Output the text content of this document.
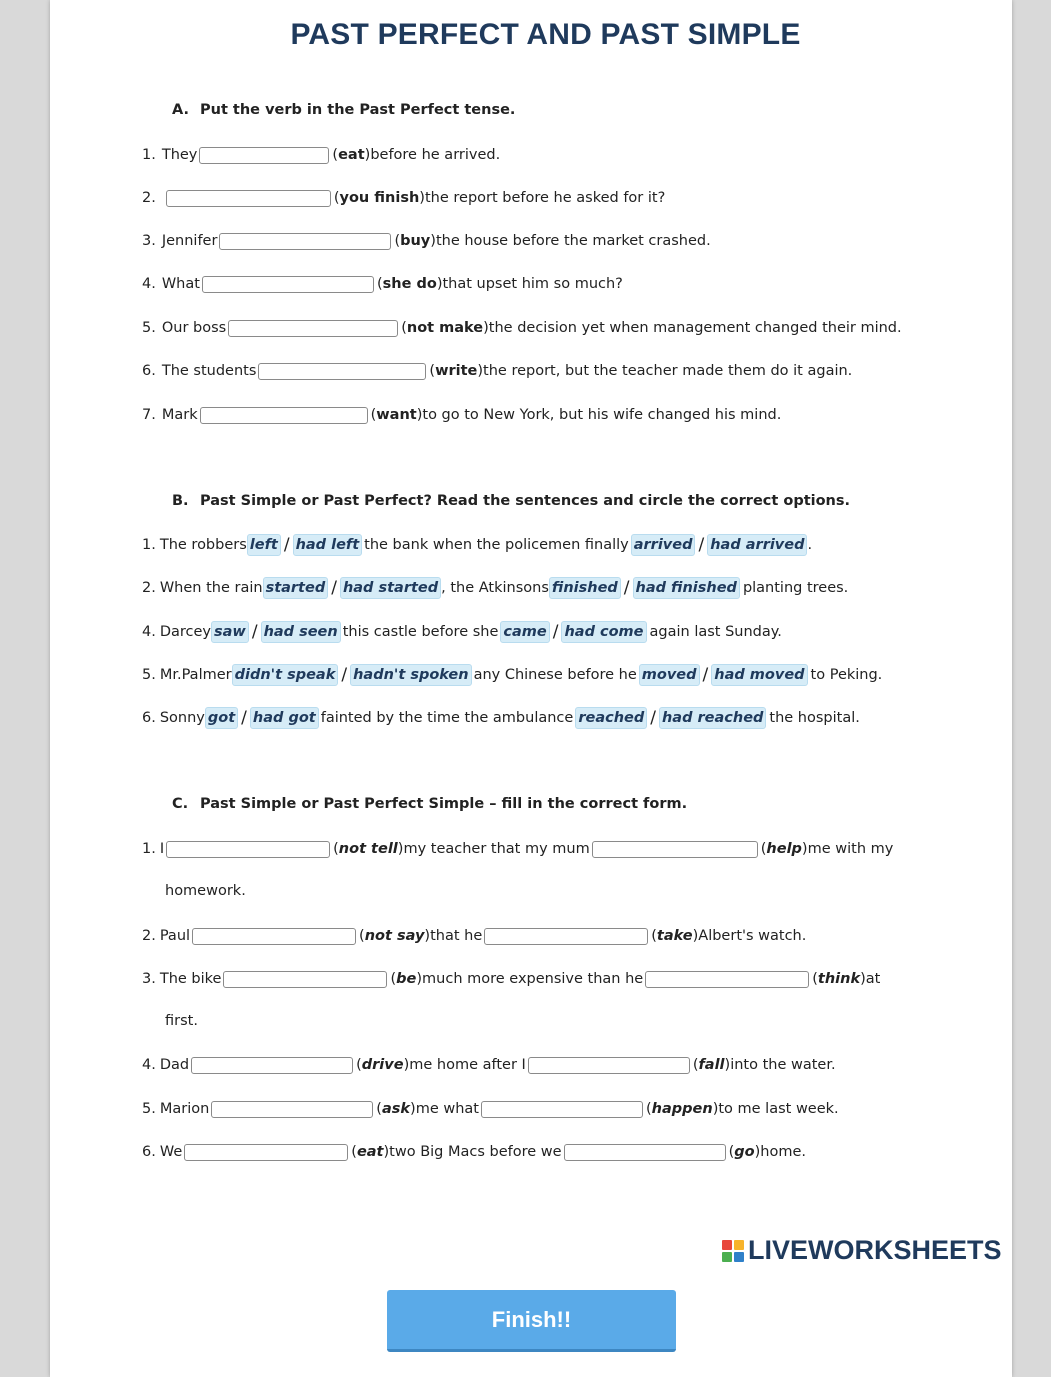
PAST PERFECT AND PAST SIMPLE
A. Put the verb in the Past Perfect tense.
1. They	( eat ) before he arrived.
2.	( you finish ) the report before he asked for it?
3. Jennifer	( buy ) the house before the market crashed.
4. What	( she do ) that upset him so much?
5. Our boss	( not make ) the decision yet when management changed their mind.
6. The students	( write ) the report, but the teacher made them do it again.
7. Mark	( want ) to go to New York, but his wife changed his mind.
B. Past Simple or Past Perfect? Read the sentences and circle the correct options.
1. The robbers left / had left the bank when the policemen finally arrived / had arrived .
2. When the rain started / had started , the Atkinsons finished / had finished planting trees.
4. Darcey saw / had seen this castle before she came / had come again last Sunday.
5. Mr.Palmer didn't speak / hadn't spoken any Chinese before he moved / had moved to Peking.
6. Sonny got / had got fainted by the time the ambulance reached / had reached the hospital.
C. Past Simple or Past Perfect Simple – fill in the correct form.
1. I	( not tell ) my teacher that my mum	( help ) me with my
homework.
2. Paul	( not say ) that he	( take ) Albert's watch.
3. The bike	( be ) much more expensive than he	( think ) at
first.
4. Dad	( drive ) me home after I	( fall ) into the water.
5. Marion	( ask ) me what	( happen ) to me last week.
6. We	( eat ) two Big Macs before we	( go ) home.
LIVEWORKSHEETS
Finish!!
